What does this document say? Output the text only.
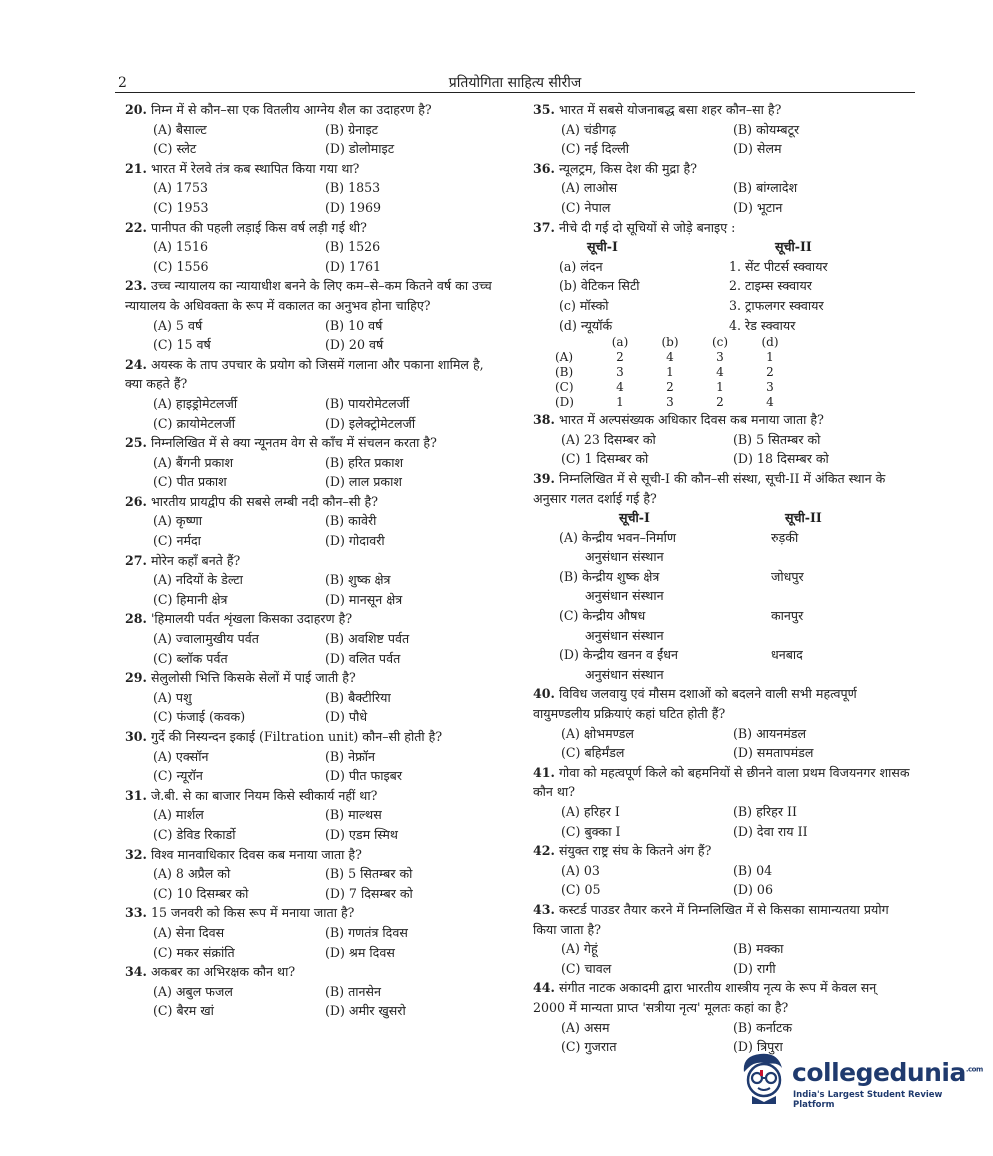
2	प्रतियोगिता साहित्य सीरीज
20. निम्न में से कौन–सा एक वितलीय आग्नेय शैल का उदाहरण है?
(A) बैसाल्ट	(B) ग्रेनाइट
(C) स्लेट	(D) डोलोमाइट
21. भारत में रेलवे तंत्र कब स्थापित किया गया था?
(A) 1753	(B) 1853
(C) 1953	(D) 1969
22. पानीपत की पहली लड़ाई किस वर्ष लड़ी गई थी?
(A) 1516	(B) 1526
(C) 1556	(D) 1761
23. उच्च न्यायालय का न्यायाधीश बनने के लिए कम–से–कम कितने वर्ष का उच्च न्यायालय के अधिवक्ता के रूप में वकालत का अनुभव होना चाहिए?
(A) 5 वर्ष	(B) 10 वर्ष
(C) 15 वर्ष	(D) 20 वर्ष
24. अयस्क के ताप उपचार के प्रयोग को जिसमें गलाना और पकाना शामिल है, क्या कहते हैं?
(A) हाइड्रोमेटलर्जी	(B) पायरोमेटलर्जी
(C) क्रायोमेटलर्जी	(D) इलेक्ट्रोमेटलर्जी
25. निम्नलिखित में से क्या न्यूनतम वेग से काँच में संचलन करता है?
(A) बैंगनी प्रकाश	(B) हरित प्रकाश
(C) पीत प्रकाश	(D) लाल प्रकाश
26. भारतीय प्रायद्वीप की सबसे लम्बी नदी कौन–सी है?
(A) कृष्णा	(B) कावेरी
(C) नर्मदा	(D) गोदावरी
27. मोरेन कहाँ बनते हैं?
(A) नदियों के डेल्टा	(B) शुष्क क्षेत्र
(C) हिमानी क्षेत्र	(D) मानसून क्षेत्र
28. 'हिमालयी पर्वत शृंखला किसका उदाहरण है?
(A) ज्वालामुखीय पर्वत	(B) अवशिष्ट पर्वत
(C) ब्लॉक पर्वत	(D) वलित पर्वत
29. सेलुलोसी भित्ति किसके सेलों में पाई जाती है?
(A) पशु	(B) बैक्टीरिया
(C) फंजाई (कवक)	(D) पौधे
30. गुर्दे की निस्यन्दन इकाई (Filtration unit) कौन–सी होती है?
(A) एक्सॉन	(B) नेफ्रॉन
(C) न्यूरॉन	(D) पीत फाइबर
31. जे.बी. से का बाजार नियम किसे स्वीकार्य नहीं था?
(A) मार्शल	(B) माल्थस
(C) डेविड रिकार्डो	(D) एडम स्मिथ
32. विश्व मानवाधिकार दिवस कब मनाया जाता है?
(A) 8 अप्रैल को	(B) 5 सितम्बर को
(C) 10 दिसम्बर को	(D) 7 दिसम्बर को
33. 15 जनवरी को किस रूप में मनाया जाता है?
(A) सेना दिवस	(B) गणतंत्र दिवस
(C) मकर संक्रांति	(D) श्रम दिवस
34. अकबर का अभिरक्षक कौन था?
(A) अबुल फजल	(B) तानसेन
(C) बैरम खां	(D) अमीर खुसरो
35. भारत में सबसे योजनाबद्ध बसा शहर कौन–सा है?
(A) चंडीगढ़	(B) कोयम्बटूर
(C) नई दिल्ली	(D) सेलम
36. न्यूलट्रम, किस देश की मुद्रा है?
(A) लाओस	(B) बांग्लादेश
(C) नेपाल	(D) भूटान
37. नीचे दी गई दो सूचियों से जोड़े बनाइए :
सूची-I	सूची-II
(a) लंदन	1. सेंट पीटर्स स्क्वायर
(b) वेटिकन सिटी	2. टाइम्स स्क्वायर
(c) मॉस्को	3. ट्राफलगर स्क्वायर
(d) न्यूयॉर्क	4. रेड स्क्वायर
	(a)	(b)	(c)	(d)
(A)	2	4	3	1
(B)	3	1	4	2
(C)	4	2	1	3
(D)	1	3	2	4
38. भारत में अल्पसंख्यक अधिकार दिवस कब मनाया जाता है?
(A) 23 दिसम्बर को	(B) 5 सितम्बर को
(C) 1 दिसम्बर को	(D) 18 दिसम्बर को
39. निम्नलिखित में से सूची-I की कौन–सी संस्था, सूची-II में अंकित स्थान के अनुसार गलत दर्शाई गई है?
सूची-I	सूची-II
(A) केन्द्रीय भवन–निर्माण	रुड़की
अनुसंधान संस्थान
(B) केन्द्रीय शुष्क क्षेत्र	जोधपुर
अनुसंधान संस्थान
(C) केन्द्रीय औषध	कानपुर
अनुसंधान संस्थान
(D) केन्द्रीय खनन व ईंधन	धनबाद
अनुसंधान संस्थान
40. विविध जलवायु एवं मौसम दशाओं को बदलने वाली सभी महत्वपूर्ण वायुमण्डलीय प्रक्रियाएं कहां घटित होती हैं?
(A) क्षोभमण्डल	(B) आयनमंडल
(C) बहिर्मंडल	(D) समतापमंडल
41. गोवा को महत्वपूर्ण किले को बहमनियों से छीनने वाला प्रथम विजयनगर शासक कौन था?
(A) हरिहर I	(B) हरिहर II
(C) बुक्का I	(D) देवा राय II
42. संयुक्त राष्ट्र संघ के कितने अंग हैं?
(A) 03	(B) 04
(C) 05	(D) 06
43. कस्टर्ड पाउडर तैयार करने में निम्नलिखित में से किसका सामान्यतया प्रयोग किया जाता है?
(A) गेहूं	(B) मक्का
(C) चावल	(D) रागी
44. संगीत नाटक अकादमी द्वारा भारतीय शास्त्रीय नृत्य के रूप में केवल सन् 2000 में मान्यता प्राप्त 'सत्रीया नृत्य' मूलतः कहां का है?
(A) असम	(B) कर्नाटक
(C) गुजरात	(D) त्रिपुरा
collegedunia$^{.com}$
India's Largest Student Review Platform
